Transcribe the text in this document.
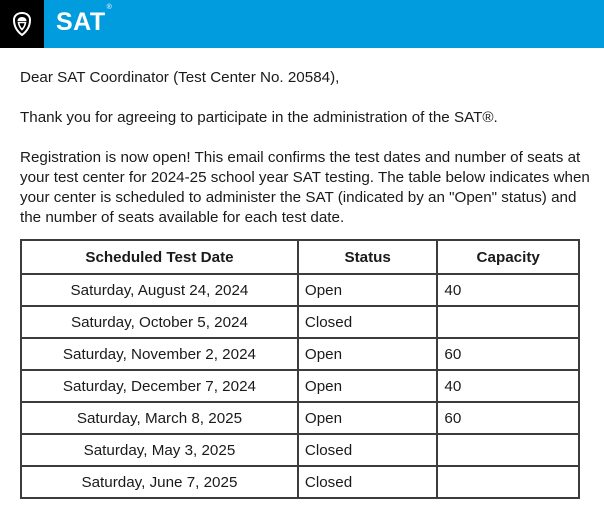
SAT®

Dear SAT Coordinator (Test Center No. 20584),

Thank you for agreeing to participate in the administration of the SAT®.

Registration is now open! This email confirms the test dates and number of seats at your test center for 2024-25 school year SAT testing. The table below indicates when your center is scheduled to administer the SAT (indicated by an "Open" status) and the number of seats available for each test date.

Scheduled Test Date	Status	Capacity
Saturday, August 24, 2024	Open	40
Saturday, October 5, 2024	Closed	
Saturday, November 2, 2024	Open	60
Saturday, December 7, 2024	Open	40
Saturday, March 8, 2025	Open	60
Saturday, May 3, 2025	Closed	
Saturday, June 7, 2025	Closed	
